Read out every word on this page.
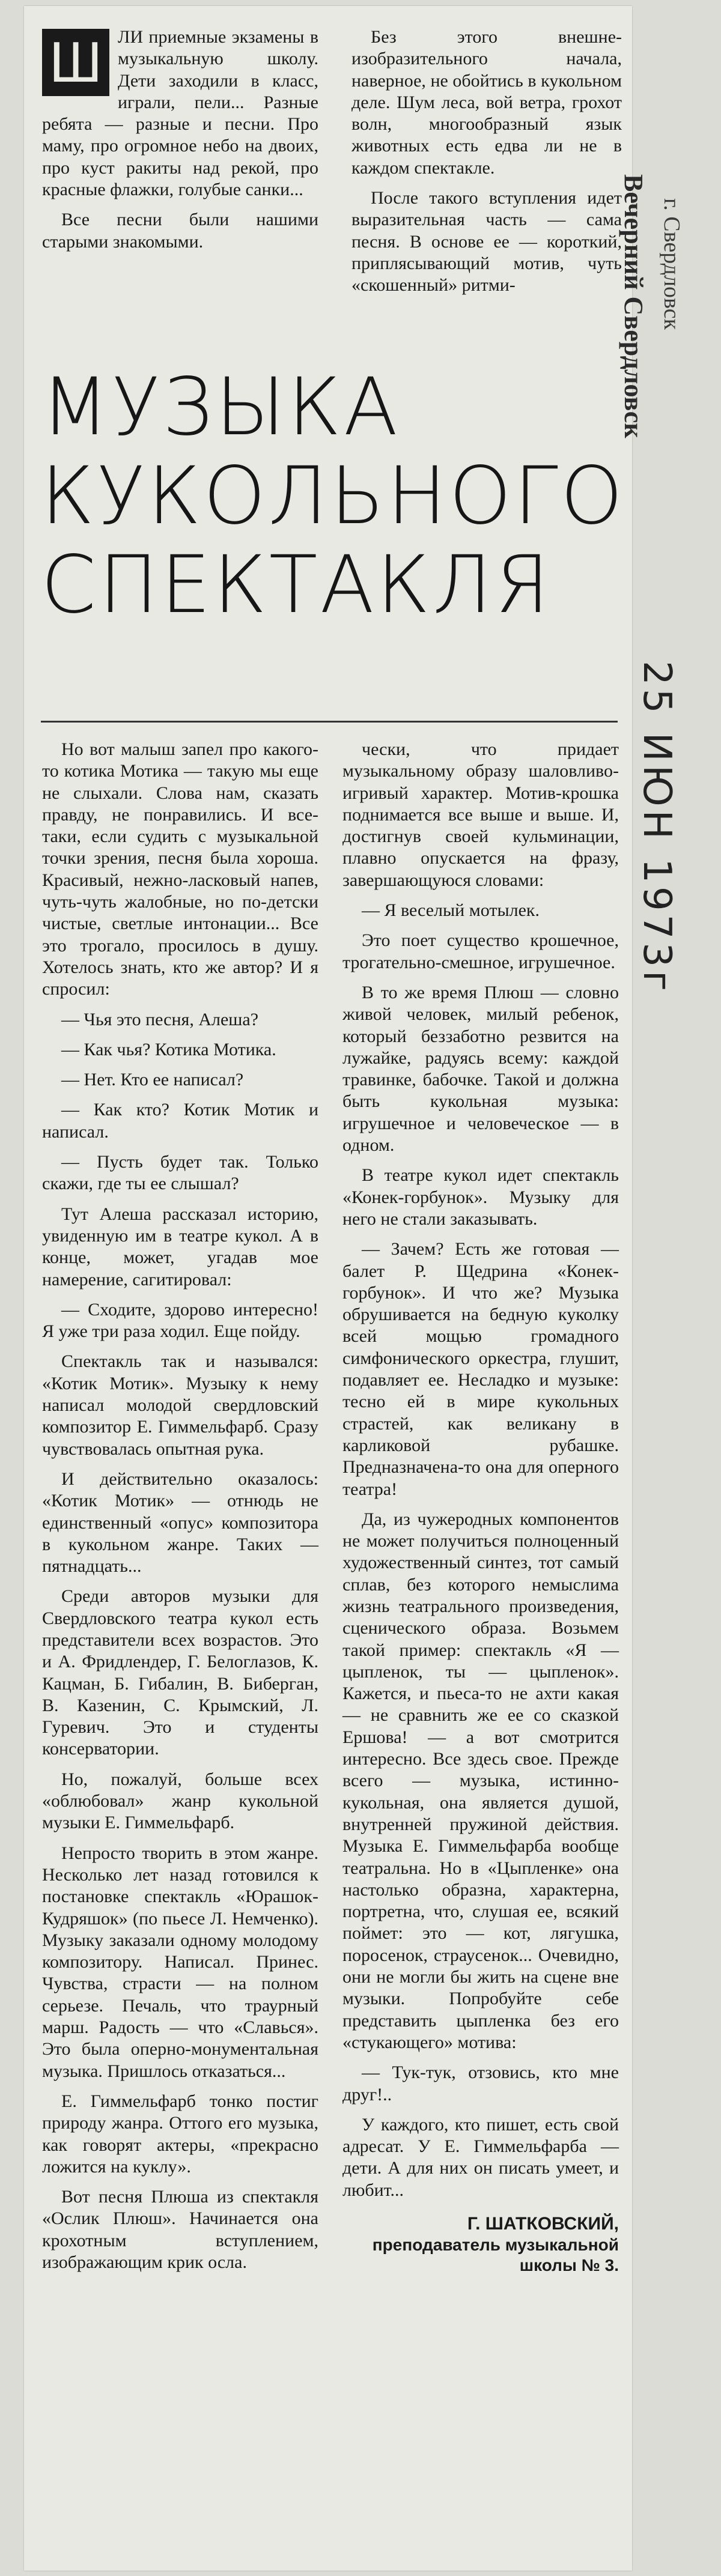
Ш ЛИ приемные экзамены в музыкальную школу. Дети заходили в класс, играли, пели... Разные ребята — разные и песни. Про маму, про огромное небо на двоих, про куст ракиты над рекой, про красные флажки, голубые санки...

Все песни были нашими старыми знакомыми.

Без этого внешне-изобразительного начала, наверное, не обойтись в кукольном деле. Шум леса, вой ветра, грохот волн, многообразный язык животных есть едва ли не в каждом спектакле.

После такого вступления идет выразительная часть — сама песня. В основе ее — короткий, приплясывающий мотив, чуть «скошенный» ритми-

МУЗЫКА
КУКОЛЬНОГО
СПЕКТАКЛЯ

Но вот малыш запел про какого-то котика Мотика — такую мы еще не слыхали. Слова нам, сказать правду, не понравились. И все-таки, если судить с музыкальной точки зрения, песня была хороша. Красивый, нежно-ласковый напев, чуть-чуть жалобные, но по-детски чистые, светлые интонации... Все это трогало, просилось в душу. Хотелось знать, кто же автор? И я спросил:

— Чья это песня, Алеша?

— Как чья? Котика Мотика.

— Нет. Кто ее написал?

— Как кто? Котик Мотик и написал.

— Пусть будет так. Только скажи, где ты ее слышал?

Тут Алеша рассказал историю, увиденную им в театре кукол. А в конце, может, угадав мое намерение, сагитировал:

— Сходите, здорово интересно! Я уже три раза ходил. Еще пойду.

Спектакль так и назывался: «Котик Мотик». Музыку к нему написал молодой свердловский композитор Е. Гиммельфарб. Сразу чувствовалась опытная рука.

И действительно оказалось: «Котик Мотик» — отнюдь не единственный «опус» композитора в кукольном жанре. Таких — пятнадцать...

Среди авторов музыки для Свердловского театра кукол есть представители всех возрастов. Это и А. Фридлендер, Г. Белоглазов, К. Кацман, Б. Гибалин, В. Биберган, В. Казенин, С. Крымский, Л. Гуревич. Это и студенты консерватории.

Но, пожалуй, больше всех «облюбовал» жанр кукольной музыки Е. Гиммельфарб.

Непросто творить в этом жанре. Несколько лет назад готовился к постановке спектакль «Юрашок-Кудряшок» (по пьесе Л. Немченко). Музыку заказали одному молодому композитору. Написал. Принес. Чувства, страсти — на полном серьезе. Печаль, что траурный марш. Радость — что «Славься». Это была оперно-монументальная музыка. Пришлось отказаться...

Е. Гиммельфарб тонко постиг природу жанра. Оттого его музыка, как говорят актеры, «прекрасно ложится на куклу».

Вот песня Плюша из спектакля «Ослик Плюш». Начинается она крохотным вступлением, изображающим крик осла.

чески, что придает музыкальному образу шаловливо-игривый характер. Мотив-крошка поднимается все выше и выше. И, достигнув своей кульминации, плавно опускается на фразу, завершающуюся словами:

— Я веселый мотылек.

Это поет существо крошечное, трогательно-смешное, игрушечное.

В то же время Плюш — словно живой человек, милый ребенок, который беззаботно резвится на лужайке, радуясь всему: каждой травинке, бабочке. Такой и должна быть кукольная музыка: игрушечное и человеческое — в одном.

В театре кукол идет спектакль «Конек-горбунок». Музыку для него не стали заказывать.

— Зачем? Есть же готовая — балет Р. Щедрина «Конек-горбунок». И что же? Музыка обрушивается на бедную куколку всей мощью громадного симфонического оркестра, глушит, подавляет ее. Несладко и музыке: тесно ей в мире кукольных страстей, как великану в карликовой рубашке. Предназначена-то она для оперного театра!

Да, из чужеродных компонентов не может получиться полноценный художественный синтез, тот самый сплав, без которого немыслима жизнь театрального произведения, сценического образа. Возьмем такой пример: спектакль «Я — цыпленок, ты — цыпленок». Кажется, и пьеса-то не ахти какая — не сравнить же ее со сказкой Ершова! — а вот смотрится интересно. Все здесь свое. Прежде всего — музыка, истинно-кукольная, она является душой, внутренней пружиной действия. Музыка Е. Гиммельфарба вообще театральна. Но в «Цыпленке» она настолько образна, характерна, портретна, что, слушая ее, всякий поймет: это — кот, лягушка, поросенок, страусенок... Очевидно, они не могли бы жить на сцене вне музыки. Попробуйте себе представить цыпленка без его «стукающего» мотива:

— Тук-тук, отзовись, кто мне друг!..

У каждого, кто пишет, есть свой адресат. У Е. Гиммельфарба — дети. А для них он писать умеет, и любит...

Г. ШАТКОВСКИЙ,
преподаватель музыкальной школы № 3.
Вечерний Свердловск г. Свердловск
25 ИЮН 1973г
